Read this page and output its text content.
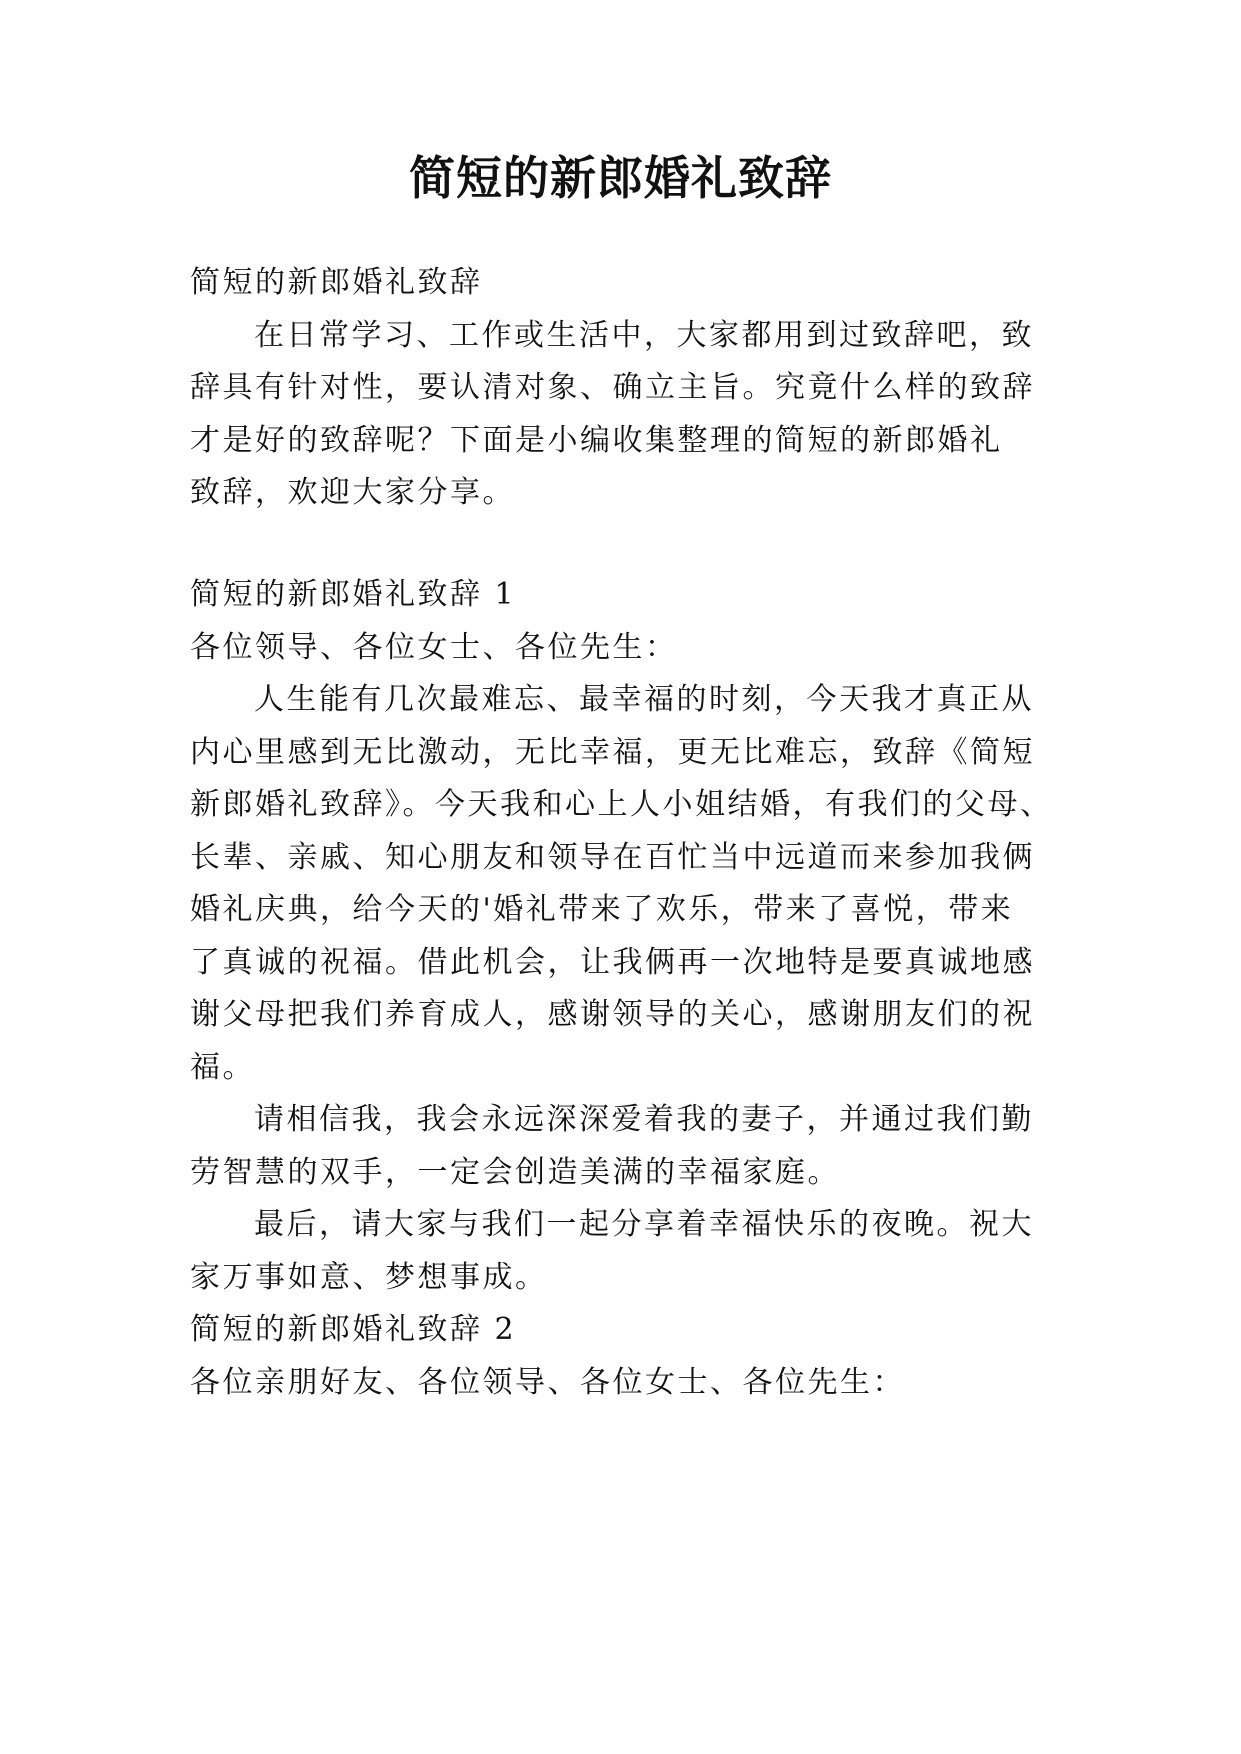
简短的新郎婚礼致辞
简短的新郎婚礼致辞
在日常学习、工作或生活中，大家都用到过致辞吧，致
辞具有针对性，要认清对象、确立主旨。究竟什么样的致辞
才是好的致辞呢？下面是小编收集整理的简短的新郎婚礼
致辞，欢迎大家分享。
简短的新郎婚礼致辞 1
各位领导、各位女士、各位先生：
人生能有几次最难忘、最幸福的时刻，今天我才真正从
内心里感到无比激动，无比幸福，更无比难忘，致辞《简短
新郎婚礼致辞》。今天我和心上人小姐结婚，有我们的父母、
长辈、亲戚、知心朋友和领导在百忙当中远道而来参加我俩
婚礼庆典，给今天的'婚礼带来了欢乐，带来了喜悦，带来
了真诚的祝福。借此机会，让我俩再一次地特是要真诚地感
谢父母把我们养育成人，感谢领导的关心，感谢朋友们的祝
福。
请相信我，我会永远深深爱着我的妻子，并通过我们勤
劳智慧的双手，一定会创造美满的幸福家庭。
最后，请大家与我们一起分享着幸福快乐的夜晚。祝大
家万事如意、梦想事成。
简短的新郎婚礼致辞 2
各位亲朋好友、各位领导、各位女士、各位先生：
